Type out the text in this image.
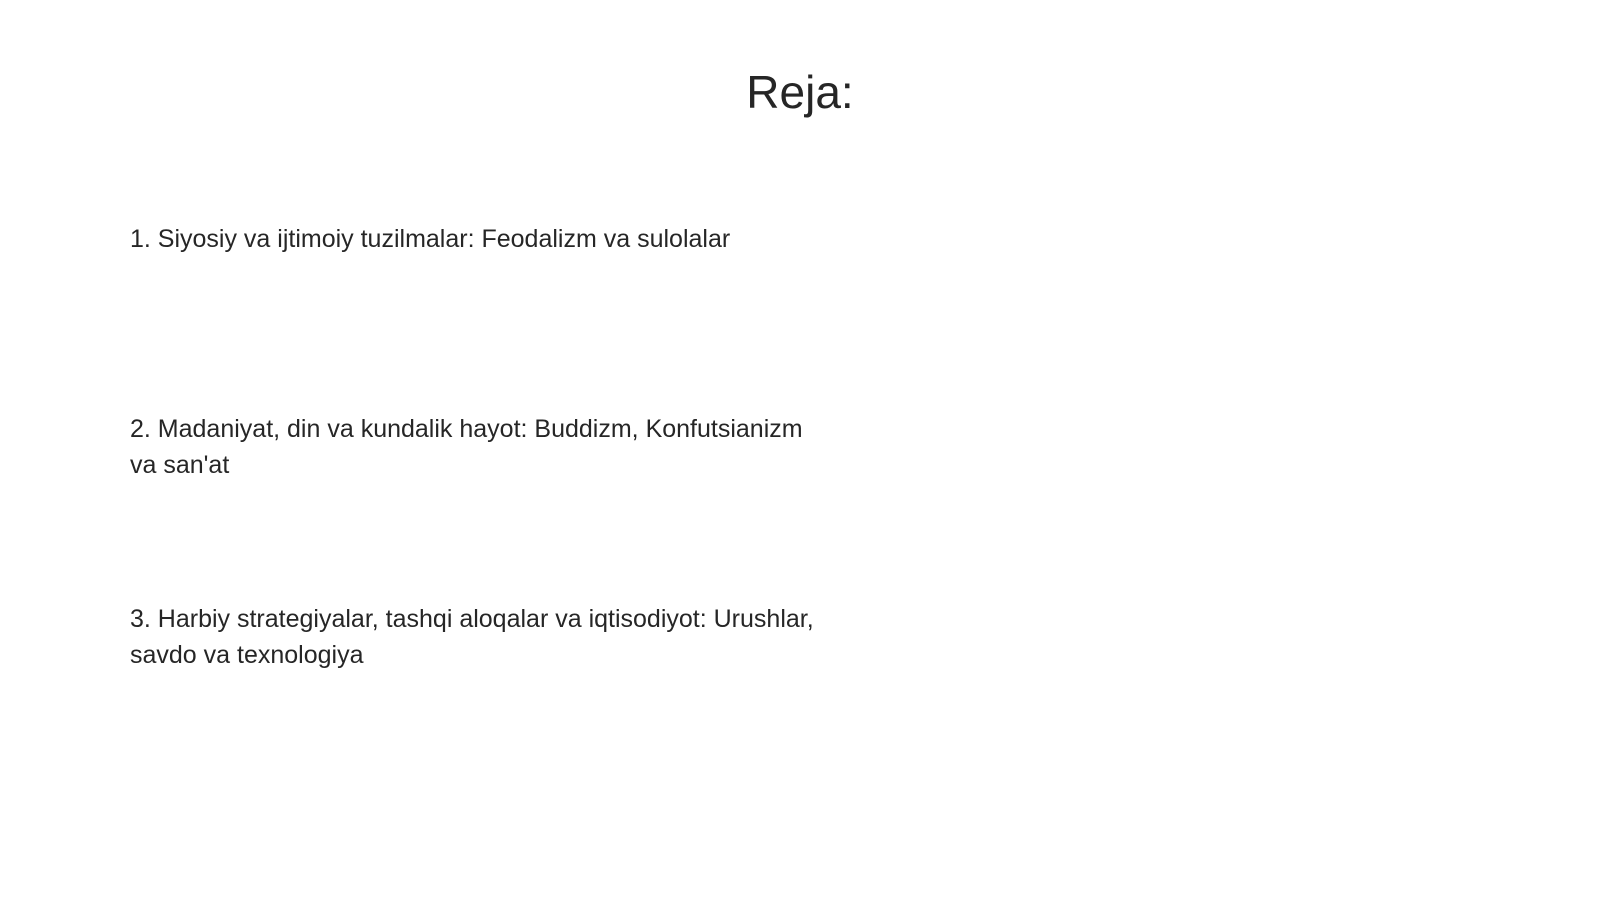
Reja:
1. Siyosiy va ijtimoiy tuzilmalar: Feodalizm va sulolalar
2. Madaniyat, din va kundalik hayot: Buddizm, Konfutsianizm va san'at
3. Harbiy strategiyalar, tashqi aloqalar va iqtisodiyot: Urushlar, savdo va texnologiya
